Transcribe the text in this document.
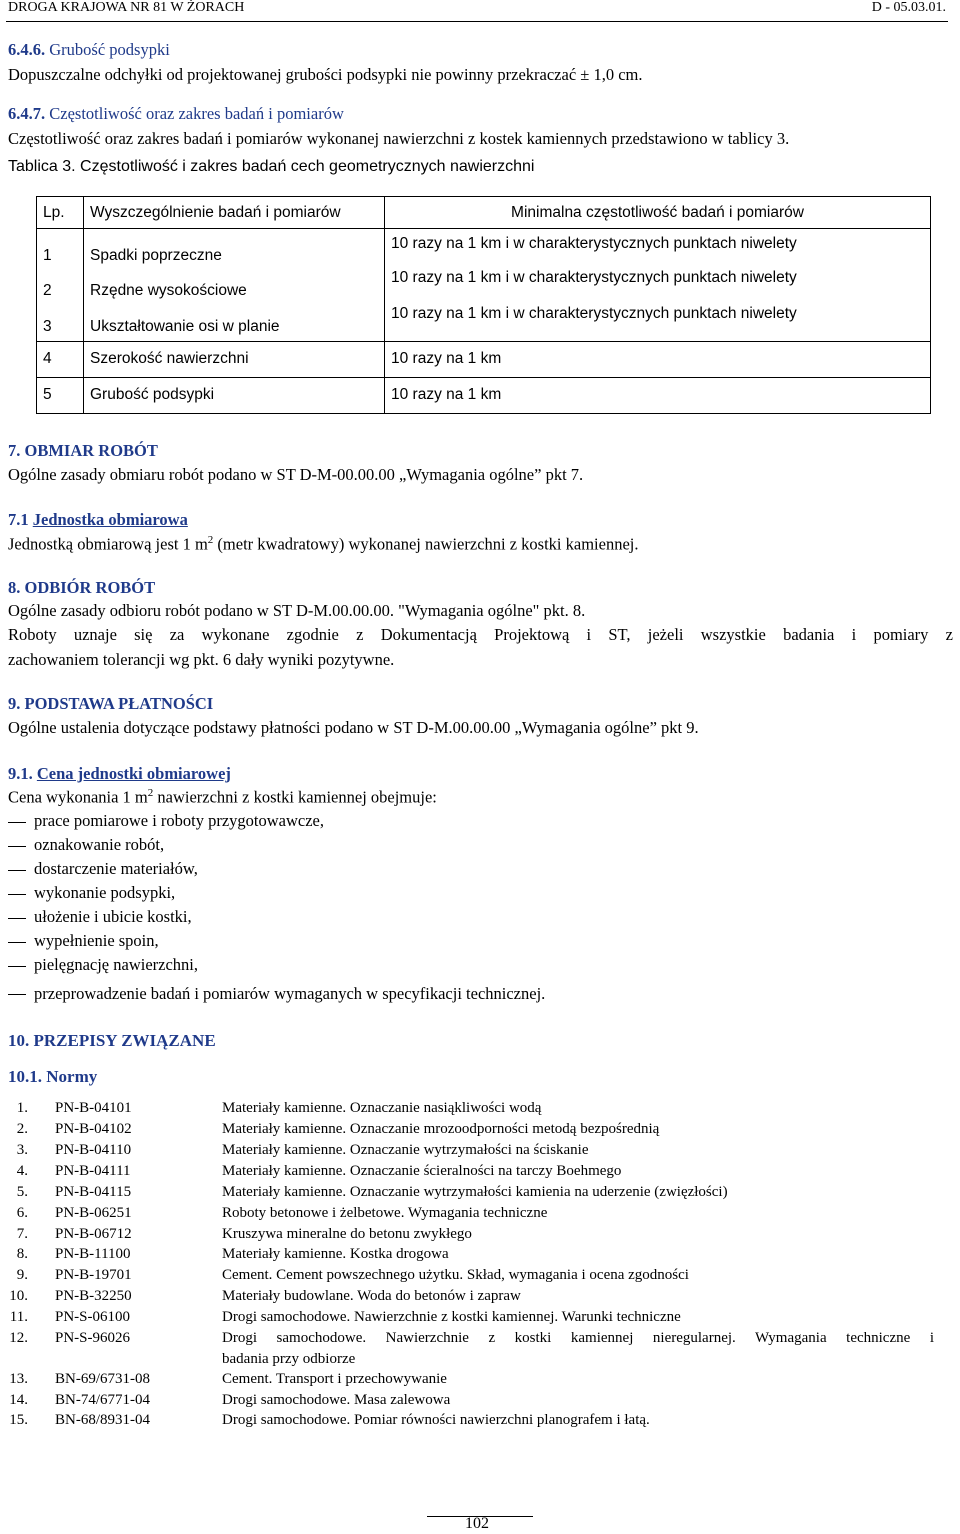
DROGA KRAJOWA NR 81 W ŻORACH	D - 05.03.01.
6.4.6. Grubość podsypki
Dopuszczalne odchyłki od projektowanej grubości podsypki nie powinny przekraczać ± 1,0 cm.
6.4.7. Częstotliwość oraz zakres badań i pomiarów
Częstotliwość oraz zakres badań i pomiarów wykonanej nawierzchni z kostek kamiennych przedstawiono w tablicy 3.
Tablica 3. Częstotliwość i zakres badań cech geometrycznych nawierzchni
Lp.	Wyszczególnienie badań i pomiarów	Minimalna częstotliwość badań i pomiarów

1	Spadki poprzeczne	10 razy na 1 km i w charakterystycznych punktach niwelety
2	Rzędne wysokościowe	10 razy na 1 km i w charakterystycznych punktach niwelety
3	Ukształtowanie osi w planie	10 razy na 1 km i w charakterystycznych punktach niwelety
4	Szerokość nawierzchni	10 razy na 1 km
5	Grubość podsypki	10 razy na 1 km
7. OBMIAR ROBÓT
Ogólne zasady obmiaru robót podano w ST D-M-00.00.00 „Wymagania ogólne” pkt 7.
7.1 Jednostka obmiarowa
Jednostką obmiarową jest 1 $m^2$ (metr kwadratowy) wykonanej nawierzchni z kostki kamiennej.
8. ODBIÓR ROBÓT
Ogólne zasady odbioru robót podano w ST D-M.00.00.00. "Wymagania ogólne" pkt. 8.
Roboty uznaje się za wykonane zgodnie z Dokumentacją Projektową i ST, jeżeli wszystkie badania i pomiary z
zachowaniem tolerancji wg pkt. 6 dały wyniki pozytywne.
9. PODSTAWA PŁATNOŚCI
Ogólne ustalenia dotyczące podstawy płatności podano w ST D-M.00.00.00 „Wymagania ogólne” pkt 9.
9.1. Cena jednostki obmiarowej
Cena wykonania 1 $m^2$ nawierzchni z kostki kamiennej obejmuje:
prace pomiarowe i roboty przygotowawcze,
oznakowanie robót,
dostarczenie materiałów,
wykonanie podsypki,
ułożenie i ubicie kostki,
wypełnienie spoin,
pielęgnację nawierzchni,
przeprowadzenie badań i pomiarów wymaganych w specyfikacji technicznej.
10. PRZEPISY ZWIĄZANE
10.1. Normy
1. PN-B-04101	Materiały kamienne. Oznaczanie nasiąkliwości wodą
2. PN-B-04102	Materiały kamienne. Oznaczanie mrozoodporności metodą bezpośrednią
3. PN-B-04110	Materiały kamienne. Oznaczanie wytrzymałości na ściskanie
4. PN-B-04111	Materiały kamienne. Oznaczanie ścieralności na tarczy Boehmego
5. PN-B-04115	Materiały kamienne. Oznaczanie wytrzymałości kamienia na uderzenie (zwięzłości)
6. PN-B-06251	Roboty betonowe i żelbetowe. Wymagania techniczne
7. PN-B-06712	Kruszywa mineralne do betonu zwykłego
8. PN-B-11100	Materiały kamienne. Kostka drogowa
9. PN-B-19701	Cement. Cement powszechnego użytku. Skład, wymagania i ocena zgodności
10. PN-B-32250	Materiały budowlane. Woda do betonów i zapraw
11. PN-S-06100	Drogi samochodowe. Nawierzchnie z kostki kamiennej. Warunki techniczne
12. PN-S-96026	Drogi samochodowe. Nawierzchnie z kostki kamiennej nieregularnej. Wymagania techniczne i
badania przy odbiorze
13. BN-69/6731-08	Cement. Transport i przechowywanie
14. BN-74/6771-04	Drogi samochodowe. Masa zalewowa
15. BN-68/8931-04	Drogi samochodowe. Pomiar równości nawierzchni planografem i łatą.
102
